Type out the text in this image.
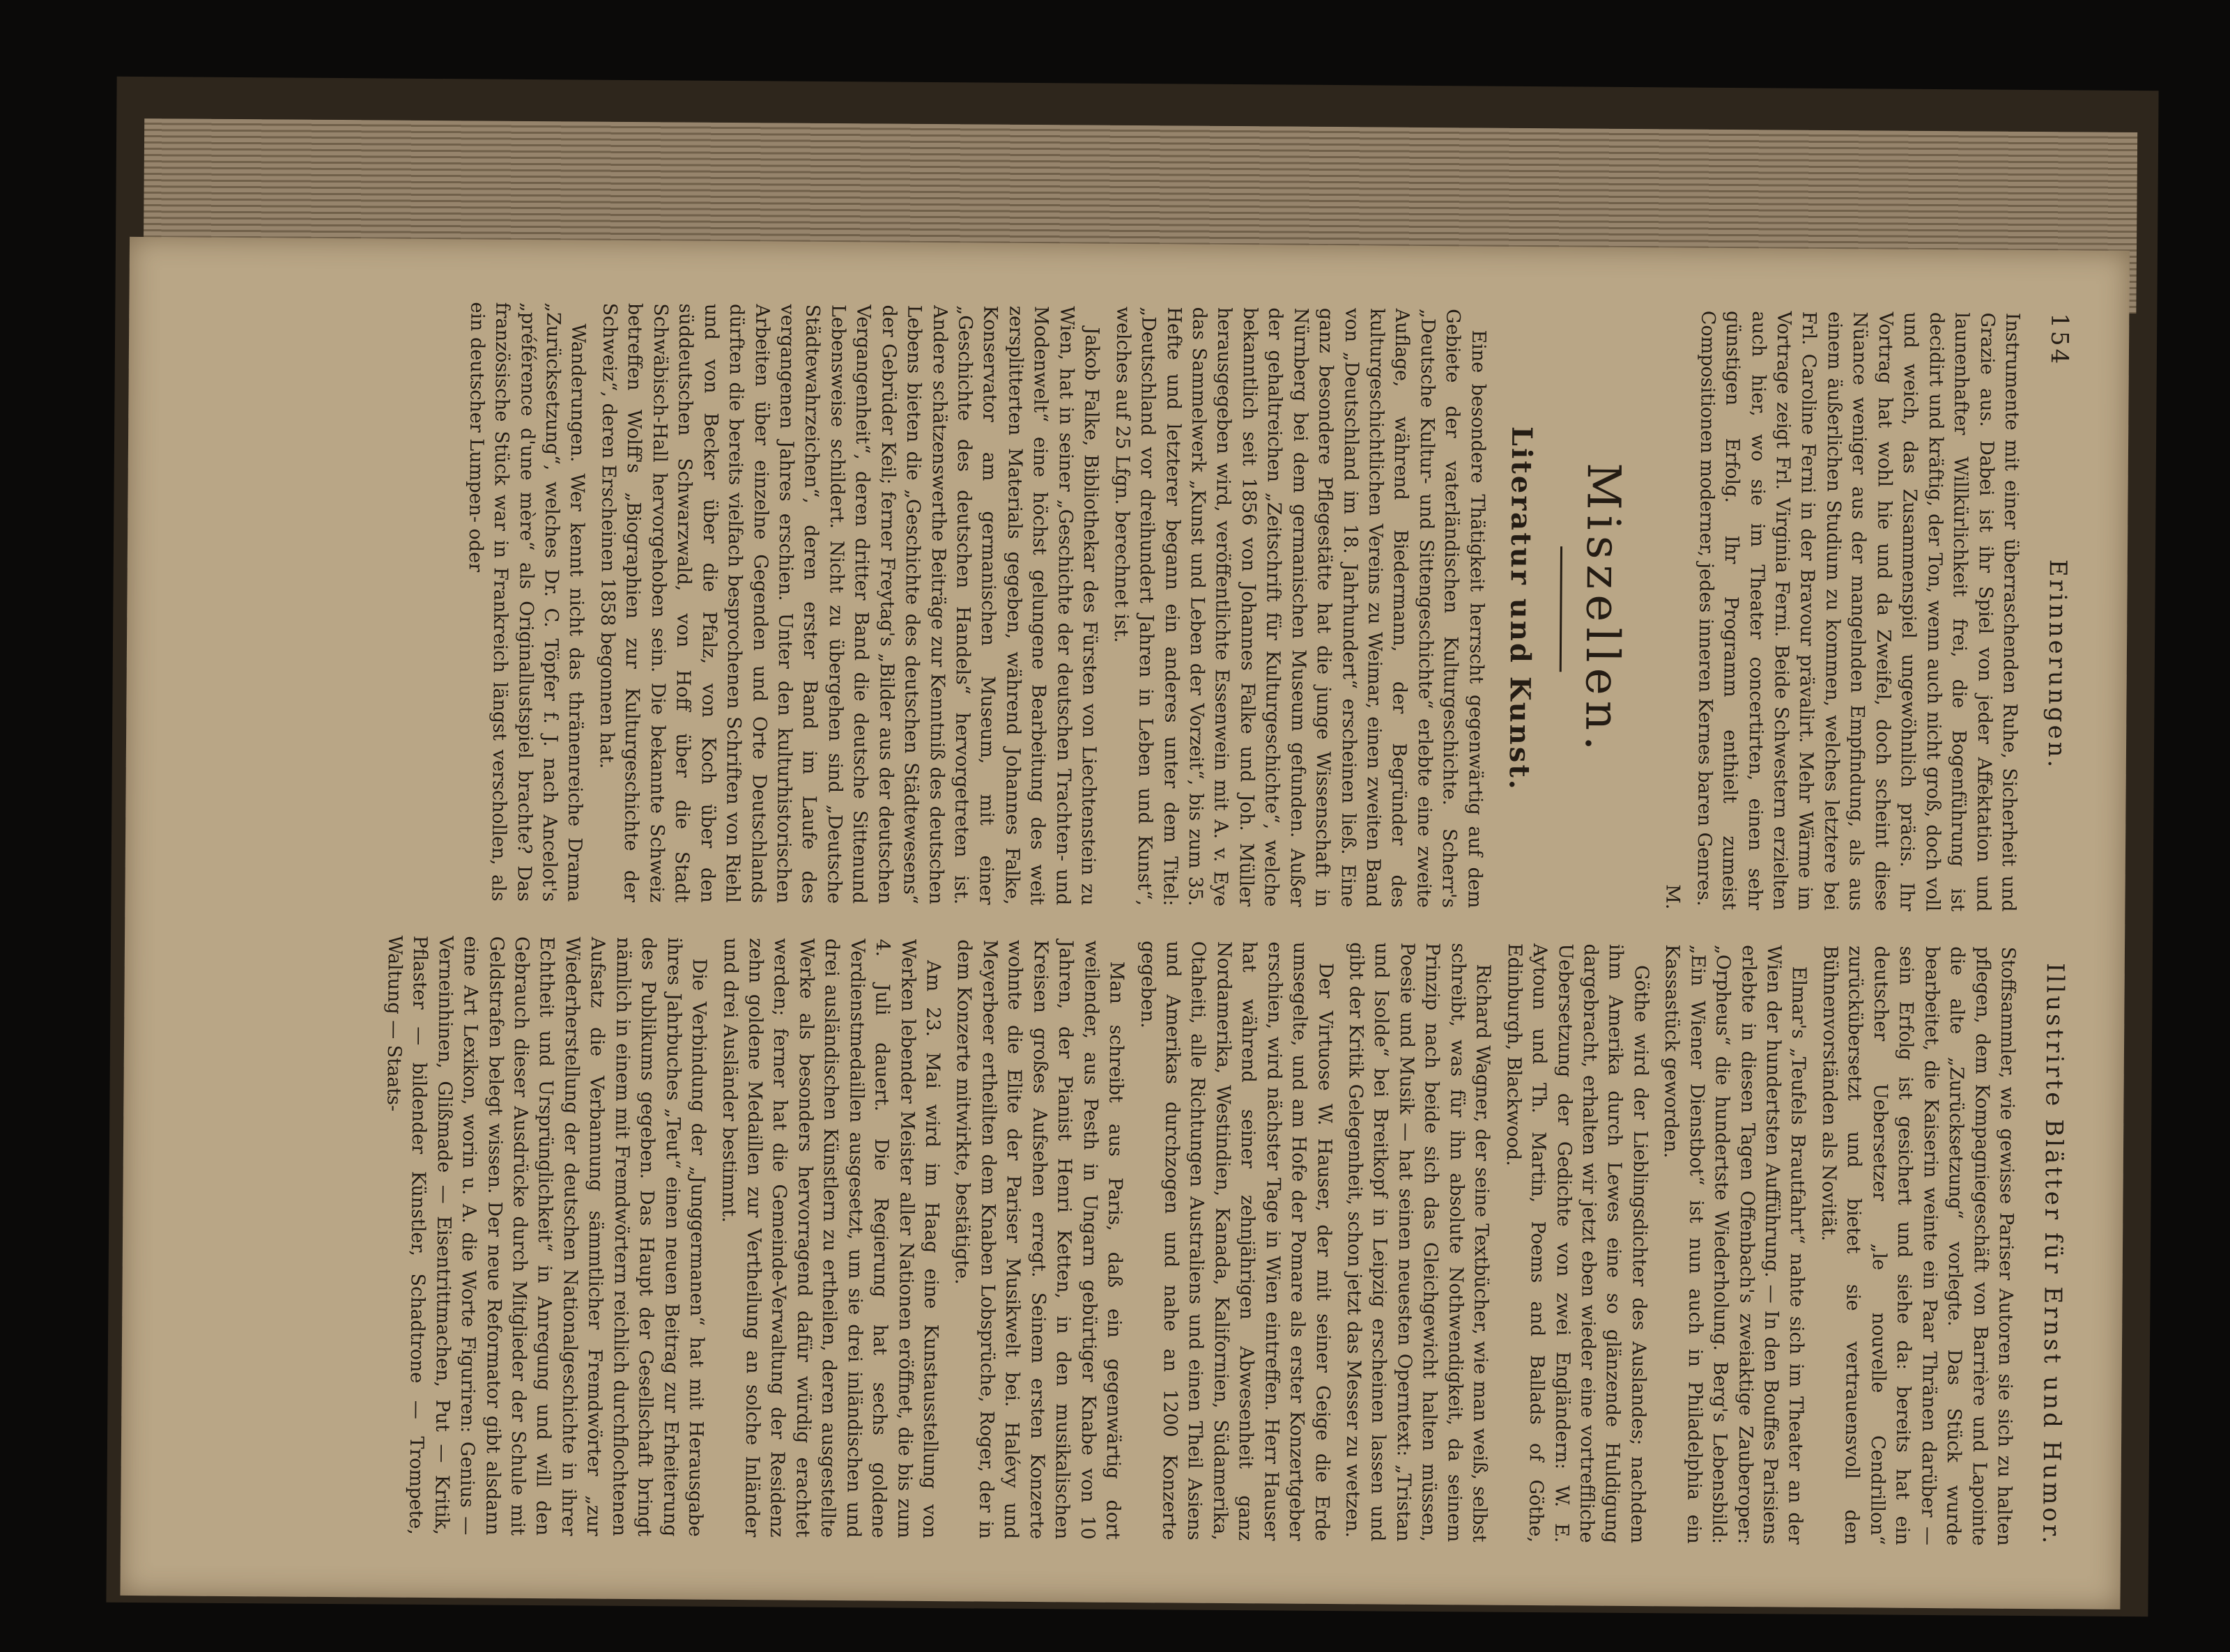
154
Erinnerungen.
Illustrirte Blätter für Ernst und Humor.

Instrumente mit einer überraschenden Ruhe, Sicherheit und Grazie aus. Dabei ist ihr Spiel von jeder Affektation und launenhafter Willkürlichkeit frei, die Bogenführung ist decidirt und kräftig, der Ton, wenn auch nicht groß, doch voll und weich, das Zusammenspiel ungewöhnlich präcis. Ihr Vortrag hat wohl hie und da Zweifel, doch scheint diese Nüance weniger aus der mangelnden Empfindung, als aus einem äußerlichen Studium zu kommen, welches letztere bei Frl. Caroline Ferni in der Bravour prävalirt. Mehr Wärme im Vortrage zeigt Frl. Virginia Ferni. Beide Schwestern erzielten auch hier, wo sie im Theater concertirten, einen sehr günstigen Erfolg. Ihr Programm enthielt zumeist Compositionen moderner, jedes inneren Kernes baren Genres.

M.

Miszellen.
Literatur und Kunst.

Eine besondere Thätigkeit herrscht gegenwärtig auf dem Gebiete der vaterländischen Kulturgeschichte. Scherr's „Deutsche Kultur- und Sittengeschichte“ erlebte eine zweite Auflage, während Biedermann, der Begründer des kulturgeschichtlichen Vereins zu Weimar, einen zweiten Band von „Deutschland im 18. Jahrhundert“ erscheinen ließ. Eine ganz besondere Pflegestätte hat die junge Wissenschaft in Nürnberg bei dem germanischen Museum gefunden. Außer der gehaltreichen „Zeitschrift für Kulturgeschichte“, welche bekanntlich seit 1856 von Johannes Falke und Joh. Müller herausgegeben wird, veröffentlichte Essenwein mit A. v. Eye das Sammelwerk „Kunst und Leben der Vorzeit“, bis zum 35. Hefte und letzterer begann ein anderes unter dem Titel: „Deutschland vor dreihundert Jahren in Leben und Kunst“, welches auf 25 Lfgn. berechnet ist.

Jakob Falke, Bibliothekar des Fürsten von Liechtenstein zu Wien, hat in seiner „Geschichte der deutschen Trachten- und Modenwelt“ eine höchst gelungene Bearbeitung des weit zersplitterten Materials gegeben, während Johannes Falke, Konservator am germanischen Museum, mit einer „Geschichte des deutschen Handels“ hervorgetreten ist. Andere schätzenswerthe Beiträge zur Kenntniß des deutschen Lebens bieten die „Geschichte des deutschen Städtewesens“ der Gebrüder Keil; ferner Freytag's „Bilder aus der deutschen Vergangenheit“, deren dritter Band die deutsche Sittenund Lebensweise schildert. Nicht zu übergehen sind „Deutsche Städtewahrzeichen“, deren erster Band im Laufe des vergangenen Jahres erschien. Unter den kulturhistorischen Arbeiten über einzelne Gegenden und Orte Deutschlands dürften die bereits vielfach besprochenen Schriften von Riehl und von Becker über die Pfalz, von Koch über den süddeutschen Schwarzwald, von Hoff über die Stadt Schwäbisch-Hall hervorgehoben sein. Die bekannte Schweiz betreffen Wolff's „Biographien zur Kulturgeschichte der Schweiz“, deren Erscheinen 1858 begonnen hat.

Wanderungen. Wer kennt nicht das thränenreiche Drama „Zurücksetzung“, welches Dr. C. Töpfer f. J. nach Ancelot's „préférence d'une mère“ als Originallustspiel brachte? Das französische Stück war in Frankreich längst verschollen, als ein deutscher Lumpen- oder

Stoffsammler, wie gewisse Pariser Autoren sie sich zu halten pflegen, dem Kompagniegeschäft von Barrière und Lapointe die alte „Zurücksetzung“ vorlegte. Das Stück wurde bearbeitet, die Kaiserin weinte ein Paar Thränen darüber — sein Erfolg ist gesichert und siehe da: bereits hat ein deutscher Uebersetzer „le nouvelle Cendrillon“ zurückübersetzt und bietet sie vertrauensvoll den Bühnenvorständen als Novität.

Elmar's „Teufels Brautfahrt“ nahte sich im Theater an der Wien der hundertsten Aufführung. — In den Bouffes Parisiens erlebte in diesen Tagen Offenbach's zweiaktige Zauberoper: „Orpheus“ die hundertste Wiederholung. Berg's Lebensbild: „Ein Wiener Dienstbot“ ist nun auch in Philadelphia ein Kassastück geworden.

Göthe wird der Lieblingsdichter des Auslandes; nachdem ihm Amerika durch Lewes eine so glänzende Huldigung dargebracht, erhalten wir jetzt eben wieder eine vortreffliche Uebersetzung der Gedichte von zwei Engländern: W. E. Aytoun und Th. Martin, Poems and Ballads of Göthe, Edinburgh, Blackwood.

Richard Wagner, der seine Textbücher, wie man weiß, selbst schreibt, was für ihn absolute Nothwendigkeit, da seinem Prinzip nach beide sich das Gleichgewicht halten müssen, Poesie und Musik — hat seinen neuesten Operntext: „Tristan und Isolde“ bei Breitkopf in Leipzig erscheinen lassen und gibt der Kritik Gelegenheit, schon jetzt das Messer zu wetzen.

Der Virtuose W. Hauser, der mit seiner Geige die Erde umsegelte, und am Hofe der Pomare als erster Konzertgeber erschien, wird nächster Tage in Wien eintreffen. Herr Hauser hat während seiner zehnjährigen Abwesenheit ganz Nordamerika, Westindien, Kanada, Kalifornien, Südamerika, Otaheiti, alle Richtungen Australiens und einen Theil Asiens und Amerikas durchzogen und nahe an 1200 Konzerte gegeben.

Man schreibt aus Paris, daß ein gegenwärtig dort weilender, aus Pesth in Ungarn gebürtiger Knabe von 10 Jahren, der Pianist Henri Ketten, in den musikalischen Kreisen großes Aufsehen erregt. Seinem ersten Konzerte wohnte die Elite der Pariser Musikwelt bei. Halévy und Meyerbeer ertheilten dem Knaben Lobsprüche, Roger, der in dem Konzerte mitwirkte, bestätigte.

Am 23. Mai wird im Haag eine Kunstausstellung von Werken lebender Meister aller Nationen eröffnet, die bis zum 4. Juli dauert. Die Regierung hat sechs goldene Verdienstmedaillen ausgesetzt, um sie drei inländischen und drei ausländischen Künstlern zu ertheilen, deren ausgestellte Werke als besonders hervorragend dafür würdig erachtet werden; ferner hat die Gemeinde-Verwaltung der Residenz zehn goldene Medaillen zur Vertheilung an solche Inländer und drei Ausländer bestimmt.

Die Verbindung der „Junggermanen“ hat mit Herausgabe ihres Jahrbuches „Teut“ einen neuen Beitrag zur Erheiterung des Publikums gegeben. Das Haupt der Gesellschaft bringt nämlich in einem mit Fremdwörtern reichlich durchflochtenen Aufsatz die Verbannung sämmtlicher Fremdwörter „zur Wiederherstellung der deutschen Nationalgeschichte in ihrer Echtheit und Ursprünglichkeit“ in Anregung und will den Gebrauch dieser Ausdrücke durch Mitglieder der Schule mit Geldstrafen belegt wissen. Der neue Reformator gibt alsdann eine Art Lexikon, worin u. A. die Worte Figuriren: Genius — Verneinhinen, Glißmade — Eisentrittmachen, Put — Kritik, Pflaster — bildender Künstler, Schadtrone — Trompete, Waltung — Staats-
